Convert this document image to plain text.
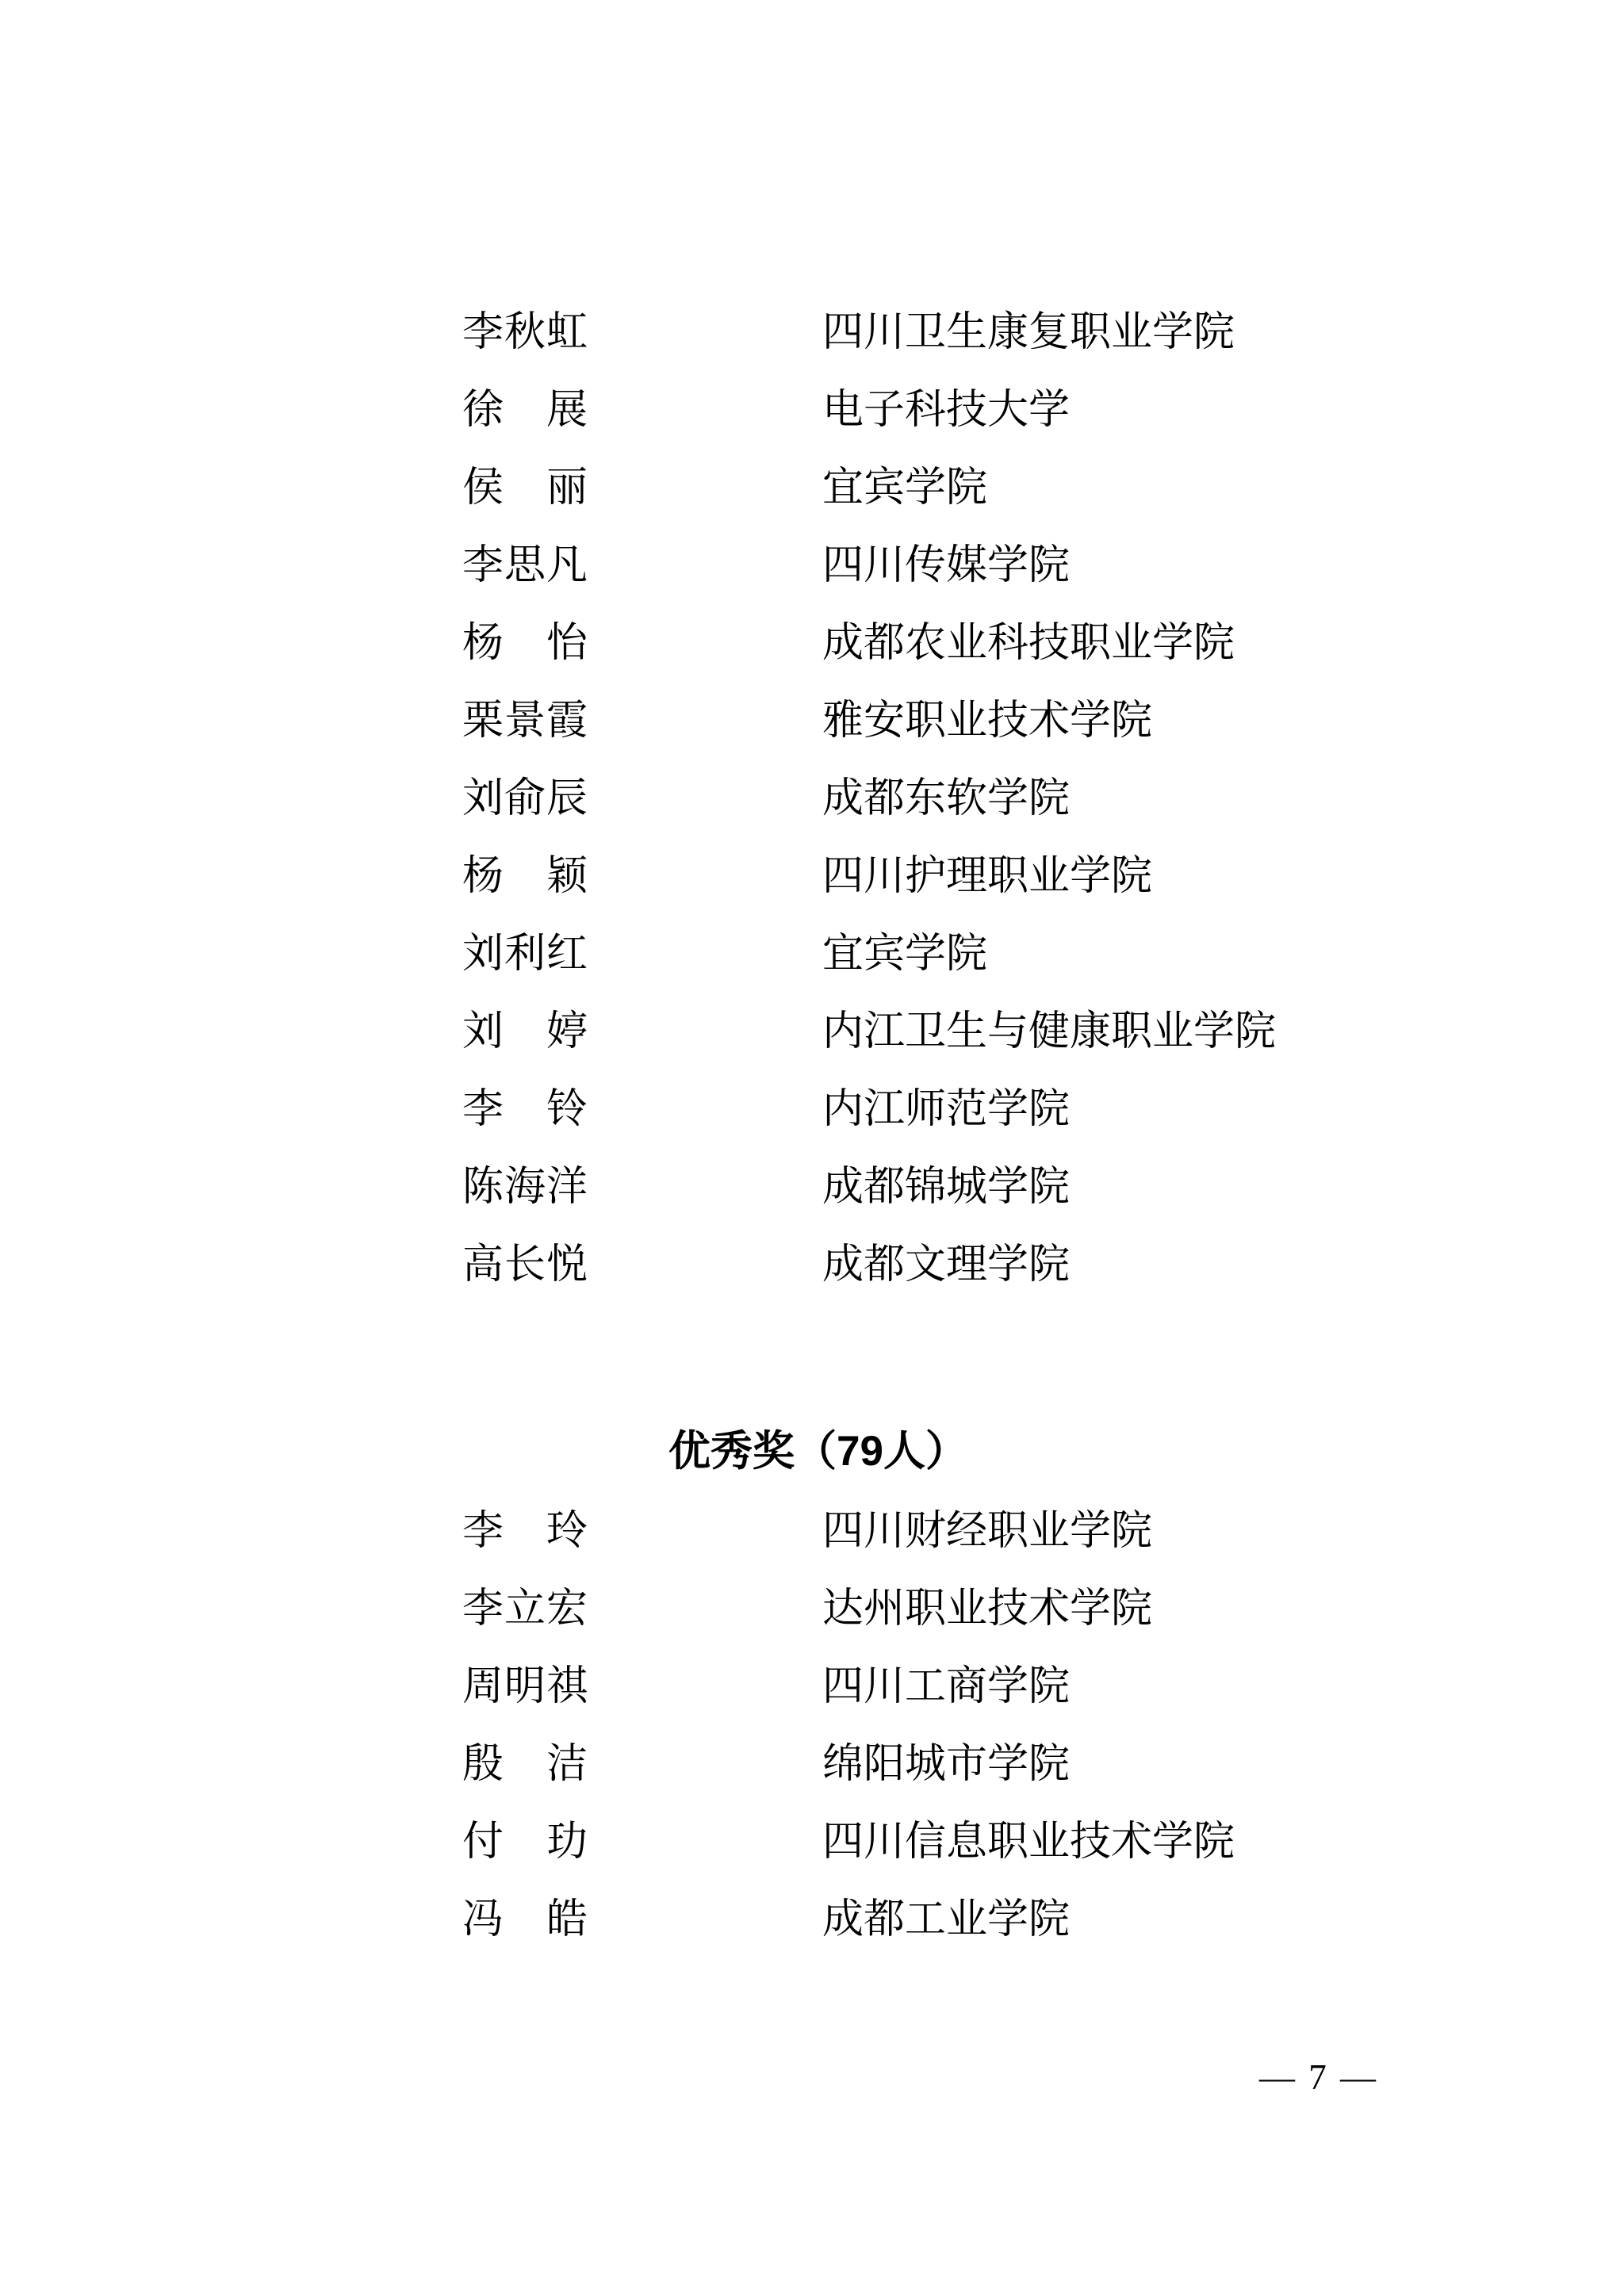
李秋虹	四川卫生康复职业学院
徐　展	电子科技大学
侯　丽	宜宾学院
李思凡	四川传媒学院
杨　怡	成都农业科技职业学院
栗景霞	雅安职业技术学院
刘俞辰	成都东软学院
杨　颖	四川护理职业学院
刘利红	宜宾学院
刘　婷	内江卫生与健康职业学院
李　铃	内江师范学院
陈海洋	成都锦城学院
高长悦	成都文理学院
优秀奖（79人）
李　玲	四川财经职业学院
李立宏	达州职业技术学院
周明祺	四川工商学院
殷　洁	绵阳城市学院
付　玏	四川信息职业技术学院
冯　皓	成都工业学院
— 7 —
